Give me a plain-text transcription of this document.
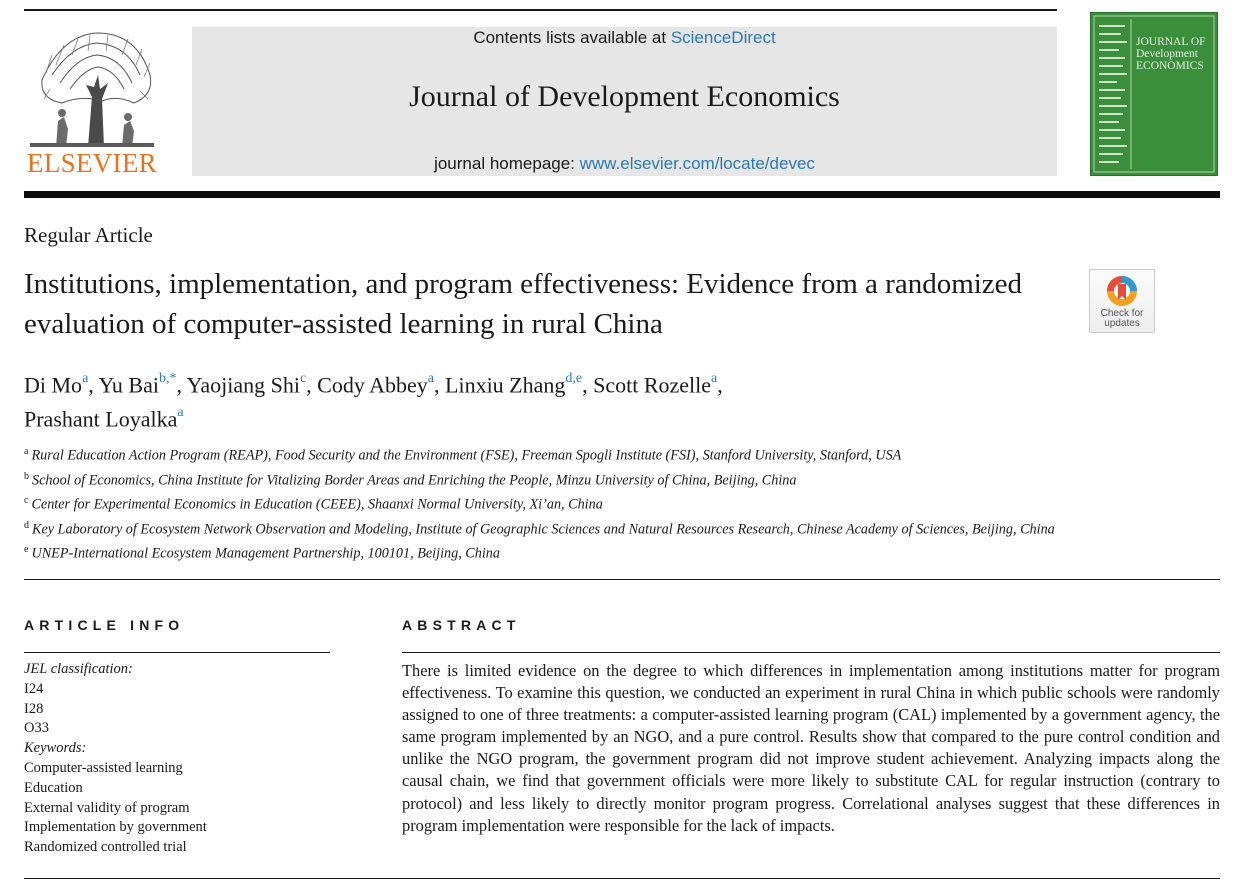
ELSEVIER
Contents lists available at ScienceDirect
Journal of Development Economics
journal homepage: www.elsevier.com/locate/devec
JOURNAL OF
Development
ECONOMICS
Regular Article
Institutions, implementation, and program effectiveness: Evidence from a randomized evaluation of computer-assisted learning in rural China	Check for
updates
Di Mo$^a$, Yu Bai$^{b,*}$, Yaojiang Shi$^c$, Cody Abbey$^a$, Linxiu Zhang$^{d,e}$, Scott Rozelle$^a$,
Prashant Loyalka$^a$

$^a$ Rural Education Action Program (REAP), Food Security and the Environment (FSE), Freeman Spogli Institute (FSI), Stanford University, Stanford, USA

$^b$ School of Economics, China Institute for Vitalizing Border Areas and Enriching the People, Minzu University of China, Beijing, China

$^c$ Center for Experimental Economics in Education (CEEE), Shaanxi Normal University, Xi’an, China

$^d$ Key Laboratory of Ecosystem Network Observation and Modeling, Institute of Geographic Sciences and Natural Resources Research, Chinese Academy of Sciences, Beijing, China

$^e$ UNEP-International Ecosystem Management Partnership, 100101, Beijing, China

ARTICLE INFO
JEL classification:
I24
I28
O33
Keywords:
Computer-assisted learning
Education
External validity of program
Implementation by government
Randomized controlled trial
ABSTRACT
There is limited evidence on the degree to which differences in implementation among institutions matter for program effectiveness. To examine this question, we conducted an experiment in rural China in which public schools were randomly assigned to one of three treatments: a computer-assisted learning program (CAL) implemented by a government agency, the same program implemented by an NGO, and a pure control. Results show that compared to the pure control condition and unlike the NGO program, the government program did not improve student achievement. Analyzing impacts along the causal chain, we find that government officials were more likely to substitute CAL for regular instruction (contrary to protocol) and less likely to directly monitor program progress. Correlational analyses suggest that these differences in program implementation were responsible for the lack of impacts.
